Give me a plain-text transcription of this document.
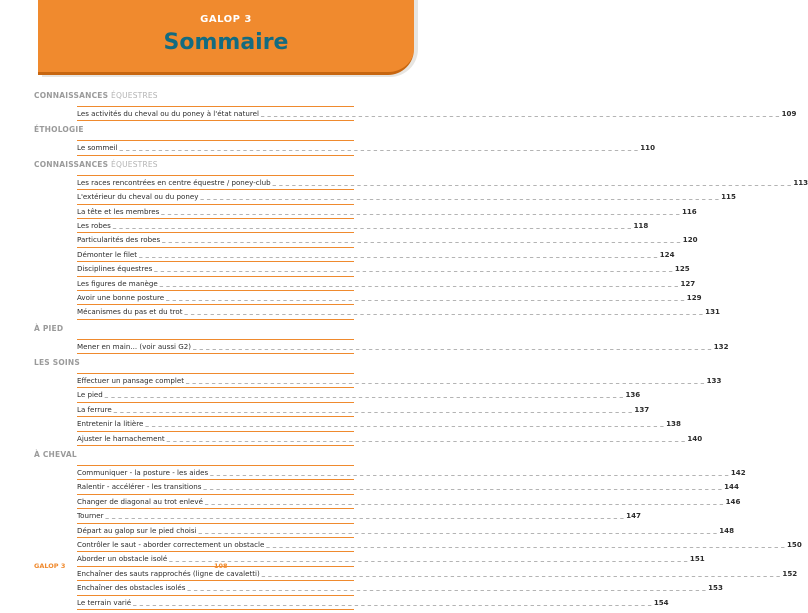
GALOP 3
Sommaire
CONNAISSANCES ÉQUESTRES
Les activités du cheval ou du poney à l'état naturel _ _ _ _ _ _ _ _ _ _ _ _ _ _ _ _ _ _ _ _ _ _ _ _ _ _ _ _ _ _ _ _ _ _ _ _ _ _ _ _ _ _ _ _ _ _ _ _ _ _ _ _ _ _ _ _ _ _ _ _ _ _ _ _ _ _ _ _ _ _ _ _ _ _ _ _ _ _ _ _ 109
ÉTHOLOGIE
Le sommeil _ _ _ _ _ _ _ _ _ _ _ _ _ _ _ _ _ _ _ _ _ _ _ _ _ _ _ _ _ _ _ _ _ _ _ _ _ _ _ _ _ _ _ _ _ _ _ _ _ _ _ _ _ _ _ _ _ _ _ _ _ _ _ _ _ _ _ _ _ _ _ _ _ _ _ _ _ _ _ _ 110
CONNAISSANCES ÉQUESTRES
Les races rencontrées en centre équestre / poney-club _ _ _ _ _ _ _ _ _ _ _ _ _ _ _ _ _ _ _ _ _ _ _ _ _ _ _ _ _ _ _ _ _ _ _ _ _ _ _ _ _ _ _ _ _ _ _ _ _ _ _ _ _ _ _ _ _ _ _ _ _ _ _ _ _ _ _ _ _ _ _ _ _ _ _ _ _ _ _ _ 113
L'extérieur du cheval ou du poney _ _ _ _ _ _ _ _ _ _ _ _ _ _ _ _ _ _ _ _ _ _ _ _ _ _ _ _ _ _ _ _ _ _ _ _ _ _ _ _ _ _ _ _ _ _ _ _ _ _ _ _ _ _ _ _ _ _ _ _ _ _ _ _ _ _ _ _ _ _ _ _ _ _ _ _ _ _ _ _ 115
La tête et les membres _ _ _ _ _ _ _ _ _ _ _ _ _ _ _ _ _ _ _ _ _ _ _ _ _ _ _ _ _ _ _ _ _ _ _ _ _ _ _ _ _ _ _ _ _ _ _ _ _ _ _ _ _ _ _ _ _ _ _ _ _ _ _ _ _ _ _ _ _ _ _ _ _ _ _ _ _ _ _ _ 116
Les robes _ _ _ _ _ _ _ _ _ _ _ _ _ _ _ _ _ _ _ _ _ _ _ _ _ _ _ _ _ _ _ _ _ _ _ _ _ _ _ _ _ _ _ _ _ _ _ _ _ _ _ _ _ _ _ _ _ _ _ _ _ _ _ _ _ _ _ _ _ _ _ _ _ _ _ _ _ _ _ _ 118
Particularités des robes _ _ _ _ _ _ _ _ _ _ _ _ _ _ _ _ _ _ _ _ _ _ _ _ _ _ _ _ _ _ _ _ _ _ _ _ _ _ _ _ _ _ _ _ _ _ _ _ _ _ _ _ _ _ _ _ _ _ _ _ _ _ _ _ _ _ _ _ _ _ _ _ _ _ _ _ _ _ _ _ 120
Démonter le filet _ _ _ _ _ _ _ _ _ _ _ _ _ _ _ _ _ _ _ _ _ _ _ _ _ _ _ _ _ _ _ _ _ _ _ _ _ _ _ _ _ _ _ _ _ _ _ _ _ _ _ _ _ _ _ _ _ _ _ _ _ _ _ _ _ _ _ _ _ _ _ _ _ _ _ _ _ _ _ _ 124
Disciplines équestres _ _ _ _ _ _ _ _ _ _ _ _ _ _ _ _ _ _ _ _ _ _ _ _ _ _ _ _ _ _ _ _ _ _ _ _ _ _ _ _ _ _ _ _ _ _ _ _ _ _ _ _ _ _ _ _ _ _ _ _ _ _ _ _ _ _ _ _ _ _ _ _ _ _ _ _ _ _ _ _ 125
Les figures de manège _ _ _ _ _ _ _ _ _ _ _ _ _ _ _ _ _ _ _ _ _ _ _ _ _ _ _ _ _ _ _ _ _ _ _ _ _ _ _ _ _ _ _ _ _ _ _ _ _ _ _ _ _ _ _ _ _ _ _ _ _ _ _ _ _ _ _ _ _ _ _ _ _ _ _ _ _ _ _ _ 127
Avoir une bonne posture _ _ _ _ _ _ _ _ _ _ _ _ _ _ _ _ _ _ _ _ _ _ _ _ _ _ _ _ _ _ _ _ _ _ _ _ _ _ _ _ _ _ _ _ _ _ _ _ _ _ _ _ _ _ _ _ _ _ _ _ _ _ _ _ _ _ _ _ _ _ _ _ _ _ _ _ _ _ _ _ 129
Mécanismes du pas et du trot _ _ _ _ _ _ _ _ _ _ _ _ _ _ _ _ _ _ _ _ _ _ _ _ _ _ _ _ _ _ _ _ _ _ _ _ _ _ _ _ _ _ _ _ _ _ _ _ _ _ _ _ _ _ _ _ _ _ _ _ _ _ _ _ _ _ _ _ _ _ _ _ _ _ _ _ _ _ _ _ 131
À PIED
Mener en main... (voir aussi G2) _ _ _ _ _ _ _ _ _ _ _ _ _ _ _ _ _ _ _ _ _ _ _ _ _ _ _ _ _ _ _ _ _ _ _ _ _ _ _ _ _ _ _ _ _ _ _ _ _ _ _ _ _ _ _ _ _ _ _ _ _ _ _ _ _ _ _ _ _ _ _ _ _ _ _ _ _ _ _ _ 132
LES SOINS
Effectuer un pansage complet _ _ _ _ _ _ _ _ _ _ _ _ _ _ _ _ _ _ _ _ _ _ _ _ _ _ _ _ _ _ _ _ _ _ _ _ _ _ _ _ _ _ _ _ _ _ _ _ _ _ _ _ _ _ _ _ _ _ _ _ _ _ _ _ _ _ _ _ _ _ _ _ _ _ _ _ _ _ _ _ 133
Le pied _ _ _ _ _ _ _ _ _ _ _ _ _ _ _ _ _ _ _ _ _ _ _ _ _ _ _ _ _ _ _ _ _ _ _ _ _ _ _ _ _ _ _ _ _ _ _ _ _ _ _ _ _ _ _ _ _ _ _ _ _ _ _ _ _ _ _ _ _ _ _ _ _ _ _ _ _ _ _ _ 136
La ferrure _ _ _ _ _ _ _ _ _ _ _ _ _ _ _ _ _ _ _ _ _ _ _ _ _ _ _ _ _ _ _ _ _ _ _ _ _ _ _ _ _ _ _ _ _ _ _ _ _ _ _ _ _ _ _ _ _ _ _ _ _ _ _ _ _ _ _ _ _ _ _ _ _ _ _ _ _ _ _ _ 137
Entretenir la litière _ _ _ _ _ _ _ _ _ _ _ _ _ _ _ _ _ _ _ _ _ _ _ _ _ _ _ _ _ _ _ _ _ _ _ _ _ _ _ _ _ _ _ _ _ _ _ _ _ _ _ _ _ _ _ _ _ _ _ _ _ _ _ _ _ _ _ _ _ _ _ _ _ _ _ _ _ _ _ _ 138
Ajuster le harnachement _ _ _ _ _ _ _ _ _ _ _ _ _ _ _ _ _ _ _ _ _ _ _ _ _ _ _ _ _ _ _ _ _ _ _ _ _ _ _ _ _ _ _ _ _ _ _ _ _ _ _ _ _ _ _ _ _ _ _ _ _ _ _ _ _ _ _ _ _ _ _ _ _ _ _ _ _ _ _ _ 140
À CHEVAL
Communiquer - la posture - les aides _ _ _ _ _ _ _ _ _ _ _ _ _ _ _ _ _ _ _ _ _ _ _ _ _ _ _ _ _ _ _ _ _ _ _ _ _ _ _ _ _ _ _ _ _ _ _ _ _ _ _ _ _ _ _ _ _ _ _ _ _ _ _ _ _ _ _ _ _ _ _ _ _ _ _ _ _ _ _ _ 142
Ralentir - accélérer - les transitions _ _ _ _ _ _ _ _ _ _ _ _ _ _ _ _ _ _ _ _ _ _ _ _ _ _ _ _ _ _ _ _ _ _ _ _ _ _ _ _ _ _ _ _ _ _ _ _ _ _ _ _ _ _ _ _ _ _ _ _ _ _ _ _ _ _ _ _ _ _ _ _ _ _ _ _ _ _ _ _ 144
Changer de diagonal au trot enlevé _ _ _ _ _ _ _ _ _ _ _ _ _ _ _ _ _ _ _ _ _ _ _ _ _ _ _ _ _ _ _ _ _ _ _ _ _ _ _ _ _ _ _ _ _ _ _ _ _ _ _ _ _ _ _ _ _ _ _ _ _ _ _ _ _ _ _ _ _ _ _ _ _ _ _ _ _ _ _ _ 146
Tourner _ _ _ _ _ _ _ _ _ _ _ _ _ _ _ _ _ _ _ _ _ _ _ _ _ _ _ _ _ _ _ _ _ _ _ _ _ _ _ _ _ _ _ _ _ _ _ _ _ _ _ _ _ _ _ _ _ _ _ _ _ _ _ _ _ _ _ _ _ _ _ _ _ _ _ _ _ _ _ _ 147
Départ au galop sur le pied choisi _ _ _ _ _ _ _ _ _ _ _ _ _ _ _ _ _ _ _ _ _ _ _ _ _ _ _ _ _ _ _ _ _ _ _ _ _ _ _ _ _ _ _ _ _ _ _ _ _ _ _ _ _ _ _ _ _ _ _ _ _ _ _ _ _ _ _ _ _ _ _ _ _ _ _ _ _ _ _ _ 148
Contrôler le saut - aborder correctement un obstacle _ _ _ _ _ _ _ _ _ _ _ _ _ _ _ _ _ _ _ _ _ _ _ _ _ _ _ _ _ _ _ _ _ _ _ _ _ _ _ _ _ _ _ _ _ _ _ _ _ _ _ _ _ _ _ _ _ _ _ _ _ _ _ _ _ _ _ _ _ _ _ _ _ _ _ _ _ _ _ _ 150
Aborder un obstacle isolé _ _ _ _ _ _ _ _ _ _ _ _ _ _ _ _ _ _ _ _ _ _ _ _ _ _ _ _ _ _ _ _ _ _ _ _ _ _ _ _ _ _ _ _ _ _ _ _ _ _ _ _ _ _ _ _ _ _ _ _ _ _ _ _ _ _ _ _ _ _ _ _ _ _ _ _ _ _ _ _ 151
Enchaîner des sauts rapprochés (ligne de cavaletti) _ _ _ _ _ _ _ _ _ _ _ _ _ _ _ _ _ _ _ _ _ _ _ _ _ _ _ _ _ _ _ _ _ _ _ _ _ _ _ _ _ _ _ _ _ _ _ _ _ _ _ _ _ _ _ _ _ _ _ _ _ _ _ _ _ _ _ _ _ _ _ _ _ _ _ _ _ _ _ _ 152
Enchaîner des obstacles isolés _ _ _ _ _ _ _ _ _ _ _ _ _ _ _ _ _ _ _ _ _ _ _ _ _ _ _ _ _ _ _ _ _ _ _ _ _ _ _ _ _ _ _ _ _ _ _ _ _ _ _ _ _ _ _ _ _ _ _ _ _ _ _ _ _ _ _ _ _ _ _ _ _ _ _ _ _ _ _ _ 153
Le terrain varié _ _ _ _ _ _ _ _ _ _ _ _ _ _ _ _ _ _ _ _ _ _ _ _ _ _ _ _ _ _ _ _ _ _ _ _ _ _ _ _ _ _ _ _ _ _ _ _ _ _ _ _ _ _ _ _ _ _ _ _ _ _ _ _ _ _ _ _ _ _ _ _ _ _ _ _ _ _ _ _ 154
GALOP 3	108
